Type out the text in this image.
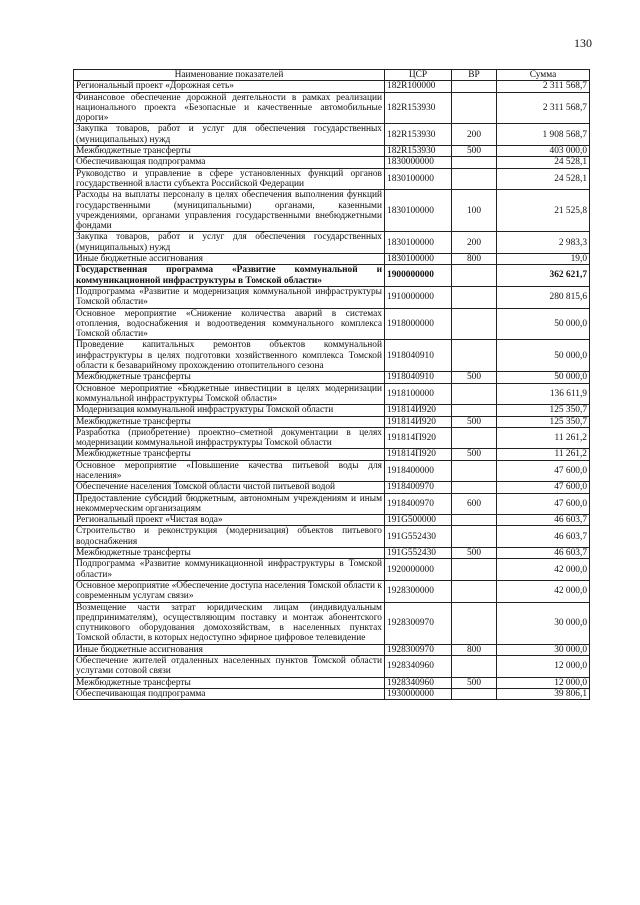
130
Наименование показателей	ЦСР	ВР	Сумма
Региональный проект «Дорожная сеть»	182R100000		2 311 568,7
Финансовое обеспечение дорожной деятельности в рамках реализации национального проекта «Безопасные и качественные автомобильные дороги»	182R153930		2 311 568,7
Закупка товаров, работ и услуг для обеспечения государственных (муниципальных) нужд	182R153930	200	1 908 568,7
Межбюджетные трансферты	182R153930	500	403 000,0
Обеспечивающая подпрограмма	1830000000		24 528,1
Руководство и управление в сфере установленных функций органов государственной власти субъекта Российской Федерации	1830100000		24 528,1
Расходы на выплаты персоналу в целях обеспечения выполнения функций государственными (муниципальными) органами, казенными учреждениями, органами управления государственными внебюджетными фондами	1830100000	100	21 525,8
Закупка товаров, работ и услуг для обеспечения государственных (муниципальных) нужд	1830100000	200	2 983,3
Иные бюджетные ассигнования	1830100000	800	19,0
Государственная программа «Развитие коммунальной и коммуникационной инфраструктуры в Томской области»	1900000000		362 621,7
Подпрограмма «Развитие и модернизация коммунальной инфраструктуры Томской области»	1910000000		280 815,6
Основное мероприятие «Снижение количества аварий в системах отопления, водоснабжения и водоотведения коммунального комплекса Томской области»	1918000000		50 000,0
Проведение капитальных ремонтов объектов коммунальной инфраструктуры в целях подготовки хозяйственного комплекса Томской области к безаварийному прохождению отопительного сезона	1918040910		50 000,0
Межбюджетные трансферты	1918040910	500	50 000,0
Основное мероприятие «Бюджетные инвестиции в целях модернизации коммунальной инфраструктуры Томской области»	1918100000		136 611,9
Модернизация коммунальной инфраструктуры Томской области	191814И920		125 350,7
Межбюджетные трансферты	191814И920	500	125 350,7
Разработка (приобретение) проектно–сметной документации в целях модернизации коммунальной инфраструктуры Томской области	191814П920		11 261,2
Межбюджетные трансферты	191814П920	500	11 261,2
Основное мероприятие «Повышение качества питьевой воды для населения»	1918400000		47 600,0
Обеспечение населения Томской области чистой питьевой водой	1918400970		47 600,0
Предоставление субсидий бюджетным, автономным учреждениям и иным некоммерческим организациям	1918400970	600	47 600,0
Региональный проект «Чистая вода»	191G500000		46 603,7
Строительство и реконструкция (модернизация) объектов питьевого водоснабжения	191G552430		46 603,7
Межбюджетные трансферты	191G552430	500	46 603,7
Подпрограмма «Развитие коммуникационной инфраструктуры в Томской области»	1920000000		42 000,0
Основное мероприятие «Обеспечение доступа населения Томской области к современным услугам связи»	1928300000		42 000,0
Возмещение части затрат юридическим лицам (индивидуальным предпринимателям), осуществляющим поставку и монтаж абонентского спутникового оборудования домохозяйствам, в населенных пунктах Томской области, в которых недоступно эфирное цифровое телевидение	1928300970		30 000,0
Иные бюджетные ассигнования	1928300970	800	30 000,0
Обеспечение жителей отдаленных населенных пунктов Томской области услугами сотовой связи	1928340960		12 000,0
Межбюджетные трансферты	1928340960	500	12 000,0
Обеспечивающая подпрограмма	1930000000		39 806,1
